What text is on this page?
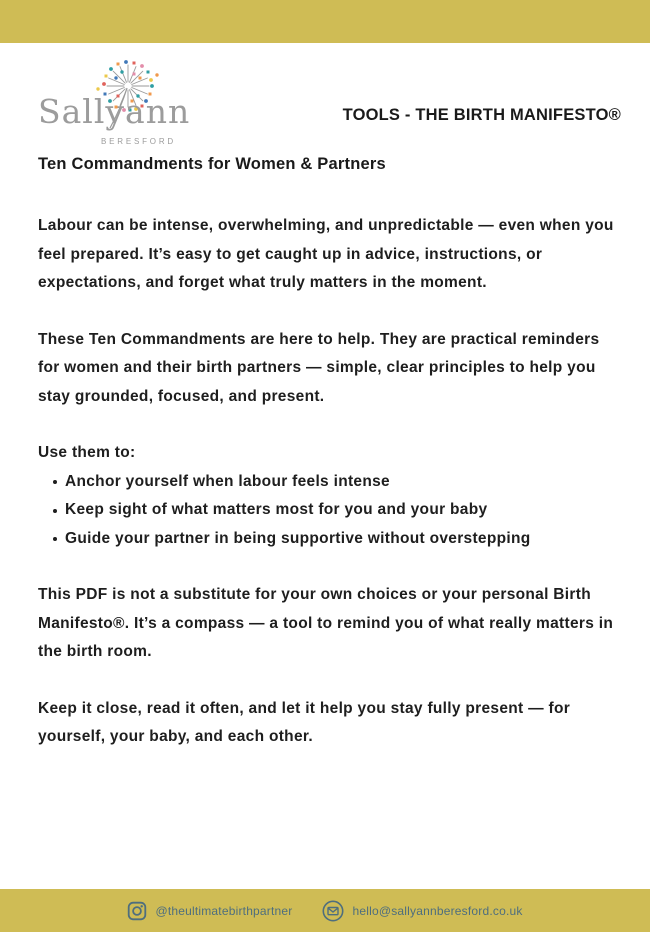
Sallyann
BERESFORD
TOOLS - THE BIRTH MANIFESTO®
Ten Commandments for Women & Partners

Labour can be intense, overwhelming, and unpredictable — even when you feel prepared. It’s easy to get caught up in advice, instructions, or expectations, and forget what truly matters in the moment.

These Ten Commandments are here to help. They are practical reminders for women and their birth partners — simple, clear principles to help you stay grounded, focused, and present.

Use them to:

Anchor yourself when labour feels intense
Keep sight of what matters most for you and your baby
Guide your partner in being supportive without overstepping

This PDF is not a substitute for your own choices or your personal Birth Manifesto®. It’s a compass — a tool to remind you of what really matters in the birth room.

Keep it close, read it often, and let it help you stay fully present — for yourself, your baby, and each other.

@theultimatebirthpartner	hello@sallyannberesford.co.uk
